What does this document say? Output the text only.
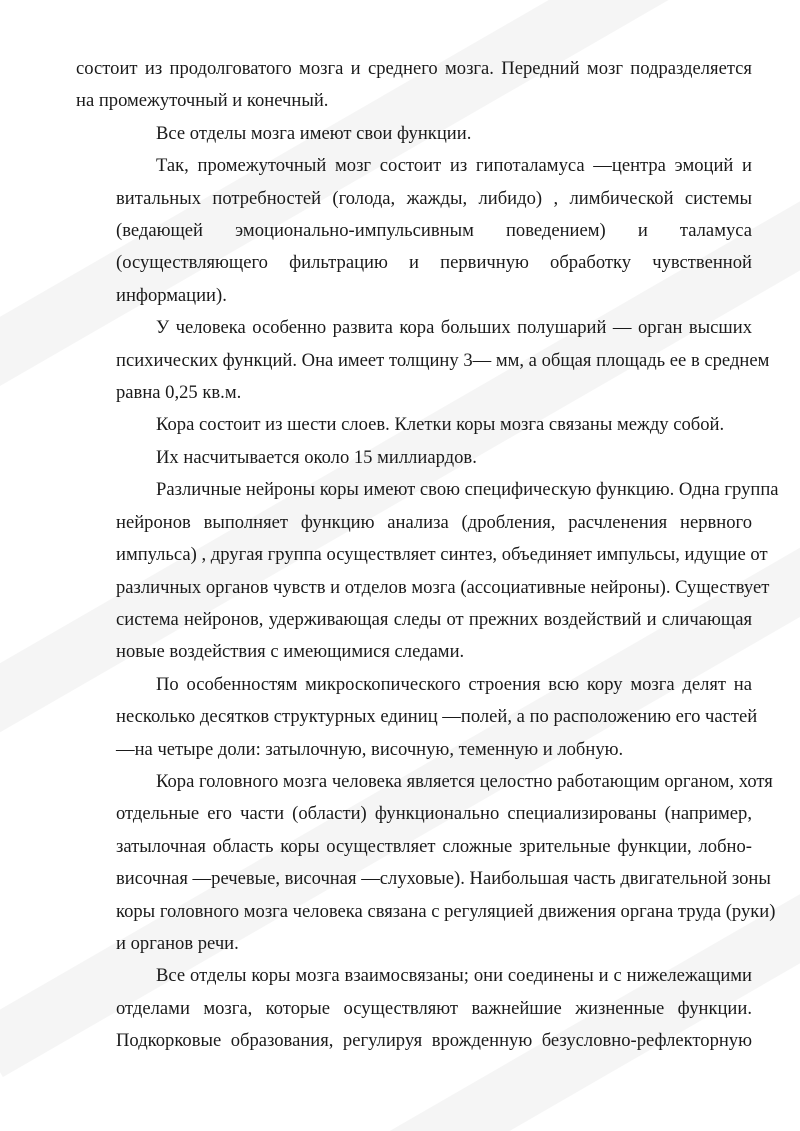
состоит из продолговатого мозга и среднего мозга. Передний мозг подразделяется
на промежуточный и конечный.
Все отделы мозга имеют свои функции.
Так, промежуточный мозг состоит из гипоталамуса —центра эмоций и
витальных потребностей (голода, жажды, либидо) , лимбической системы
(ведающей эмоционально-импульсивным поведением) и таламуса
(осуществляющего фильтрацию и первичную обработку чувственной
информации).
У человека особенно развита кора больших полушарий — орган высших
психических функций. Она имеет толщину 3— мм, а общая площадь ее в среднем
равна 0,25 кв.м.
Кора состоит из шести слоев. Клетки коры мозга связаны между собой.
Их насчитывается около 15 миллиардов.
Различные нейроны коры имеют свою специфическую функцию. Одна группа
нейронов выполняет функцию анализа (дробления, расчленения нервного
импульса) , другая группа осуществляет синтез, объединяет импульсы, идущие от
различных органов чувств и отделов мозга (ассоциативные нейроны). Существует
система нейронов, удерживающая следы от прежних воздействий и сличающая
новые воздействия с имеющимися следами.
По особенностям микроскопического строения всю кору мозга делят на
несколько десятков структурных единиц —полей, а по расположению его частей
—на четыре доли: затылочную, височную, теменную и лобную.
Кора головного мозга человека является целостно работающим органом, хотя
отдельные его части (области) функционально специализированы (например,
затылочная область коры осуществляет сложные зрительные функции, лобно-
височная —речевые, височная —слуховые). Наибольшая часть двигательной зоны
коры головного мозга человека связана с регуляцией движения органа труда (руки)
и органов речи.
Все отделы коры мозга взаимосвязаны; они соединены и с нижележащими
отделами мозга, которые осуществляют важнейшие жизненные функции.
Подкорковые образования, регулируя врожденную безусловно-рефлекторную
